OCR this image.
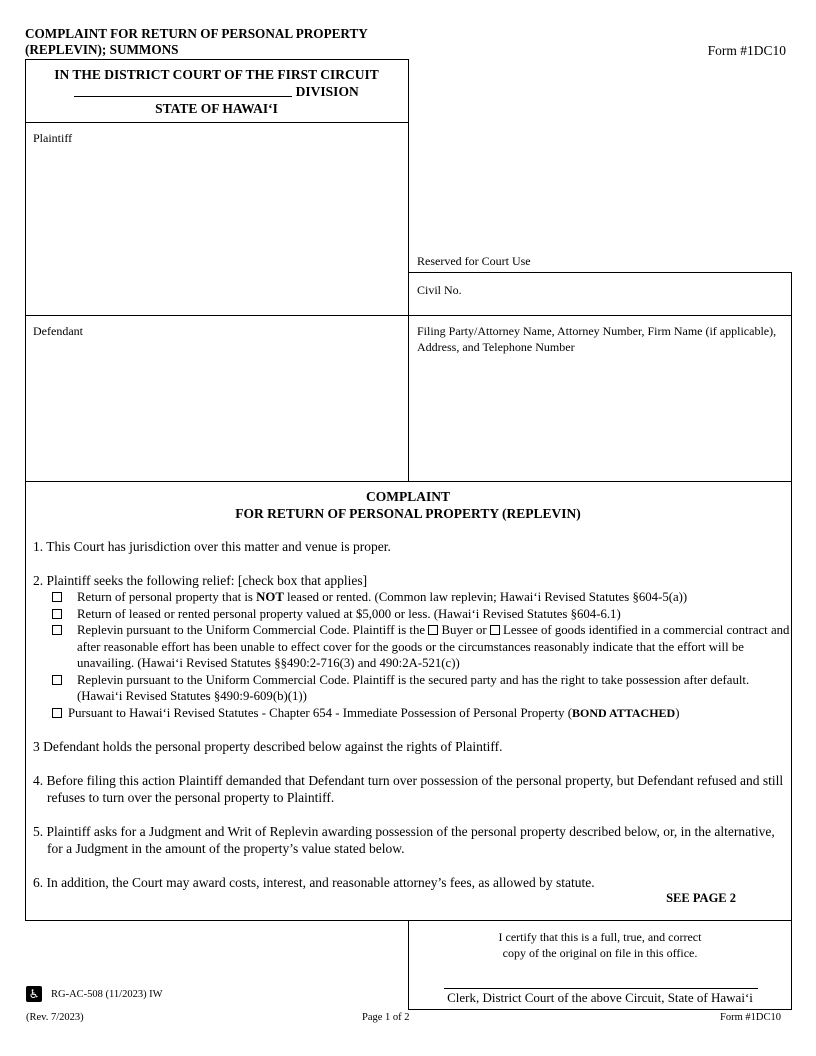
COMPLAINT FOR RETURN OF PERSONAL PROPERTY
(REPLEVIN); SUMMONS	Form #1DC10
IN THE DISTRICT COURT OF THE FIRST CIRCUIT
DIVISION
STATE OF HAWAI‘I
Plaintiff
Defendant
Reserved for Court Use
Civil No.
Filing Party/Attorney Name, Attorney Number, Firm Name (if applicable), Address, and Telephone Number
COMPLAINT
FOR RETURN OF PERSONAL PROPERTY (REPLEVIN)
1. This Court has jurisdiction over this matter and venue is proper.
2. Plaintiff seeks the following relief: [check box that applies]
Return of personal property that is NOT leased or rented. (Common law replevin; Hawai‘i Revised Statutes §604-5(a))
Return of leased or rented personal property valued at $5,000 or less. (Hawai‘i Revised Statutes §604-6.1)
Replevin pursuant to the Uniform Commercial Code. Plaintiff is the  Buyer or Lessee of goods identified in a commercial contract and after reasonable effort has been unable to effect cover for the goods or the circumstances reasonably indicate that the effort will be unavailing. (Hawai‘i Revised Statutes §§490:2-716(3) and 490:2A-521(c))
Replevin pursuant to the Uniform Commercial Code. Plaintiff is the secured party and has the right to take possession after default. (Hawai‘i Revised Statutes §490:9-609(b)(1))
Pursuant to Hawai‘i Revised Statutes - Chapter 654 - Immediate Possession of Personal Property (BOND ATTACHED)
3 Defendant holds the personal property described below against the rights of Plaintiff.
4. Before filing this action Plaintiff demanded that Defendant turn over possession of the personal property, but Defendant refused and still refuses to turn over the personal property to Plaintiff.
5. Plaintiff asks for a Judgment and Writ of Replevin awarding possession of the personal property described below, or, in the alternative, for a Judgment in the amount of the property’s value stated below.
6. In addition, the Court may award costs, interest, and reasonable attorney’s fees, as allowed by statute.
SEE PAGE 2
I certify that this is a full, true, and correct
copy of the original on file in this office.
Clerk, District Court of the above Circuit, State of Hawai‘i
♿ RG-AC-508 (11/2023) IW
(Rev. 7/2023)	Page 1 of 2	Form #1DC10
